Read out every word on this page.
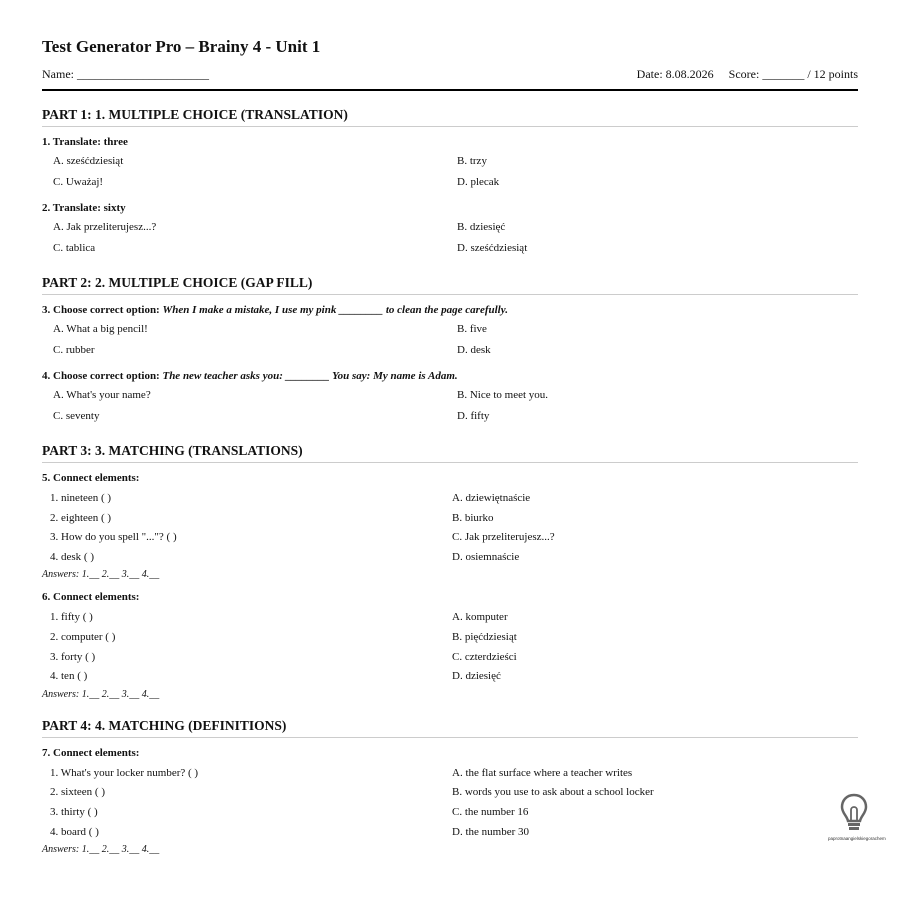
Test Generator Pro – Brainy 4 - Unit 1
Name: ______________________	Date: 8.08.2026 Score: _______ / 12 points
PART 1: 1. MULTIPLE CHOICE (TRANSLATION)
1. Translate: three
A. sześćdziesiąt	B. trzy
C. Uważaj!	D. plecak
2. Translate: sixty
A. Jak przeliterujesz...?	B. dziesięć
C. tablica	D. sześćdziesiąt
PART 2: 2. MULTIPLE CHOICE (GAP FILL)
3. Choose correct option: When I make a mistake, I use my pink ________ to clean the page carefully.
A. What a big pencil!	B. five
C. rubber	D. desk
4. Choose correct option: The new teacher asks you: ________ You say: My name is Adam.
A. What's your name?	B. Nice to meet you.
C. seventy	D. fifty
PART 3: 3. MATCHING (TRANSLATIONS)
5. Connect elements:
1. nineteen ( )	A. dziewiętnaście
2. eighteen ( )	B. biurko
3. How do you spell "..."? ( )	C. Jak przeliterujesz...?
4. desk ( )	D. osiemnaście
Answers: 1.__ 2.__ 3.__ 4.__
6. Connect elements:
1. fifty ( )	A. komputer
2. computer ( )	B. pięćdziesiąt
3. forty ( )	C. czterdzieści
4. ten ( )	D. dziesięć
Answers: 1.__ 2.__ 3.__ 4.__
PART 4: 4. MATCHING (DEFINITIONS)
7. Connect elements:
1. What's your locker number? ( )	A. the flat surface where a teacher writes
2. sixteen ( )	B. words you use to ask about a school locker
3. thirty ( )	C. the number 16
4. board ( )	D. the number 30
Answers: 1.__ 2.__ 3.__ 4.__
paprotnaangielskiegorachem
